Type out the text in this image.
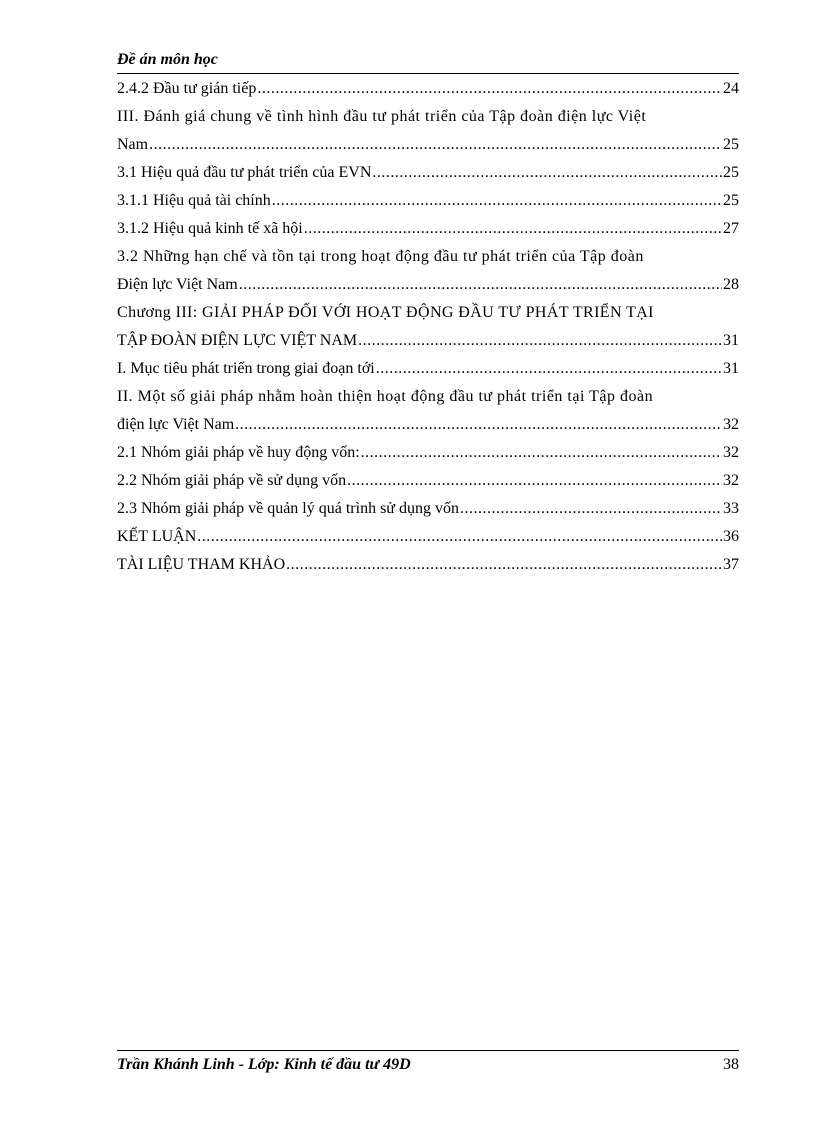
Đề án môn học
2.4.2 Đầu tư gián tiếp .....	24
III. Đánh giá chung về tình hình đầu tư phát triển của Tập đoàn điện lực Việt
Nam .....	25
3.1 Hiệu quả đầu tư phát triển của EVN .....	25
3.1.1 Hiệu quả tài chính .....	25
3.1.2 Hiệu quả kinh tế xã hội .....	27
3.2 Những hạn chế và tồn tại trong hoạt động đầu tư phát triển của Tập đoàn
Điện lực Việt Nam .....	28
Chương III: GIẢI PHÁP ĐỐI VỚI HOẠT ĐỘNG ĐẦU TƯ PHÁT TRIỂN TẠI
TẬP ĐOÀN ĐIỆN LỰC VIỆT NAM .....	31
I. Mục tiêu phát triển trong giai đoạn tới .....	31
II. Một số giải pháp nhằm hoàn thiện hoạt động đầu tư phát triển tại Tập đoàn
điện lực Việt Nam .....	32
2.1 Nhóm giải pháp về huy động vốn: .....	32
2.2 Nhóm giải pháp về sử dụng vốn .....	32
2.3 Nhóm giải pháp về quản lý quá trình sử dụng vốn .....	33
KẾT LUẬN .....	36
TÀI LIỆU THAM KHẢO .....	37
Trần Khánh Linh - Lớp: Kinh tế đầu tư 49D	38
